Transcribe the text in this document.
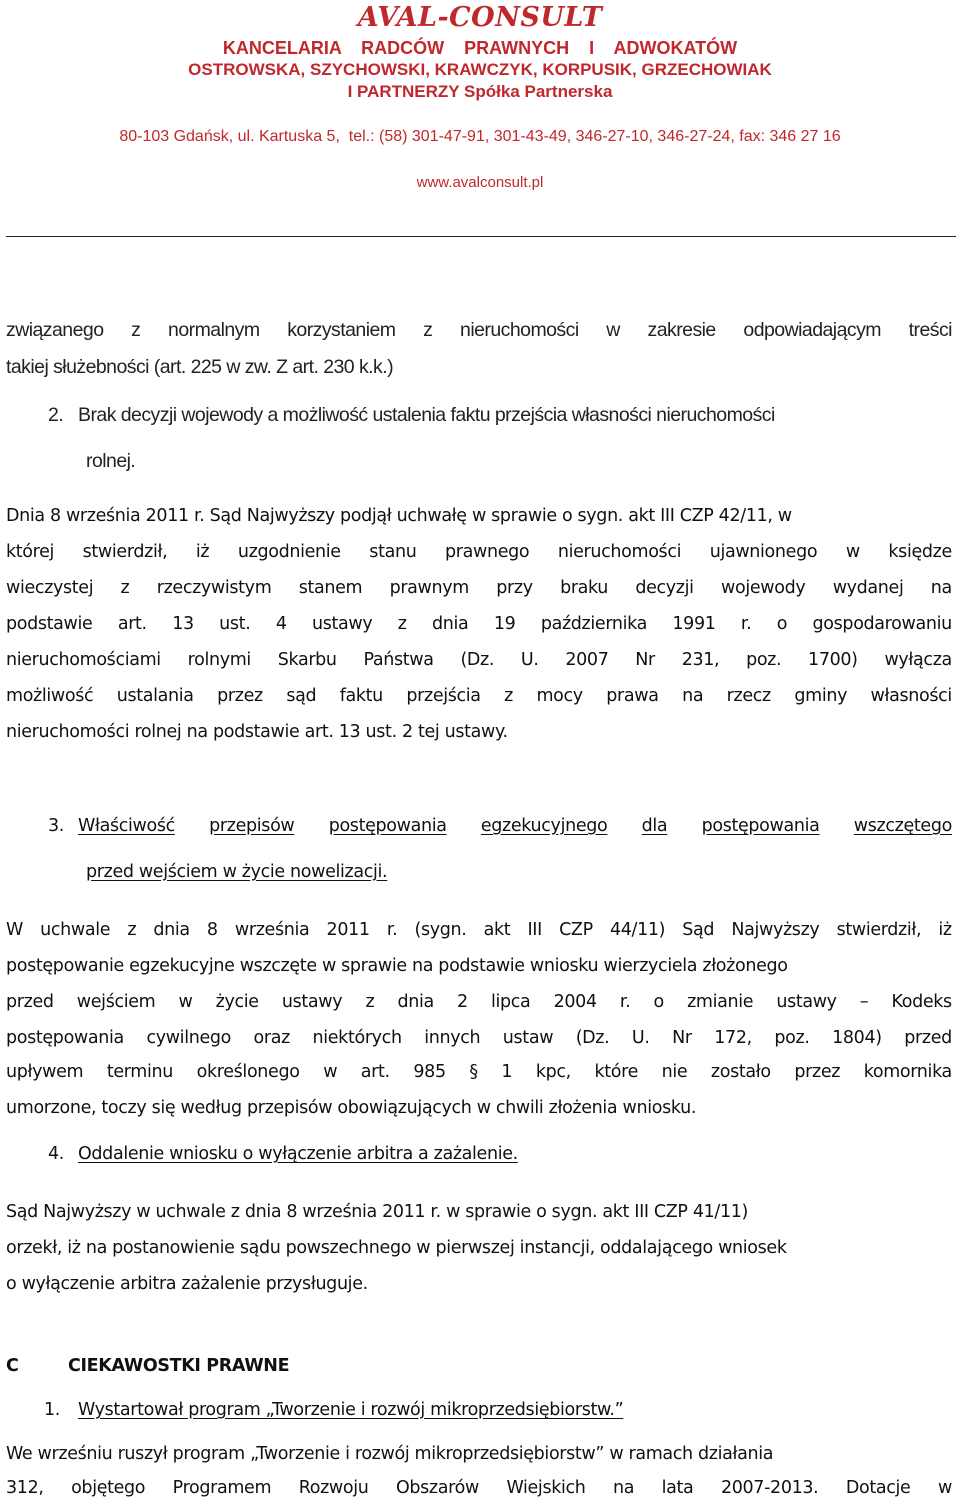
AVAL-CONSULT
KANCELARIA    RADCÓW    PRAWNYCH    I    ADWOKATÓW
OSTROWSKA, SZYCHOWSKI, KRAWCZYK, KORPUSIK, GRZECHOWIAK
I PARTNERZY Spółka Partnerska
80-103 Gdańsk, ul. Kartuska 5,  tel.: (58) 301-47-91, 301-43-49, 346-27-10, 346-27-24, fax: 346 27 16
www.avalconsult.pl
związanego z normalnym korzystaniem z nieruchomości w zakresie odpowiadającym treści
takiej służebności (art. 225 w zw. Z art. 230 k.k.)
2. Brak decyzji wojewody a możliwość ustalenia faktu przejścia własności nieruchomości
rolnej.
Dnia 8 września 2011 r. Sąd Najwyższy podjął uchwałę w sprawie o sygn. akt III CZP 42/11, w
której stwierdził, iż uzgodnienie stanu prawnego nieruchomości ujawnionego w księdze
wieczystej z rzeczywistym stanem prawnym przy braku decyzji wojewody wydanej na
podstawie art. 13 ust. 4 ustawy z dnia 19 października 1991 r. o gospodarowaniu
nieruchomościami rolnymi Skarbu Państwa (Dz. U. 2007 Nr 231, poz. 1700) wyłącza
możliwość ustalania przez sąd faktu przejścia z mocy prawa na rzecz gminy własności
nieruchomości rolnej na podstawie art. 13 ust. 2 tej ustawy.
3. Właściwość przepisów postępowania egzekucyjnego dla postępowania wszczętego
przed wejściem w życie nowelizacji.
W uchwale z dnia 8 września 2011 r. (sygn. akt III CZP 44/11) Sąd Najwyższy stwierdził, iż
postępowanie egzekucyjne wszczęte w sprawie na podstawie wniosku wierzyciela złożonego
przed wejściem w życie ustawy z dnia 2 lipca 2004 r. o zmianie ustawy – Kodeks
postępowania cywilnego oraz niektórych innych ustaw (Dz. U. Nr 172, poz. 1804) przed
upływem terminu określonego w art. 985 § 1 kpc, które nie zostało przez komornika
umorzone, toczy się według przepisów obowiązujących w chwili złożenia wniosku.
4. Oddalenie wniosku o wyłączenie arbitra a zażalenie.
Sąd Najwyższy w uchwale z dnia 8 września 2011 r. w sprawie o sygn. akt III CZP 41/11)
orzekł, iż na postanowienie sądu powszechnego w pierwszej instancji, oddalającego wniosek
o wyłączenie arbitra zażalenie przysługuje.
C	CIEKAWOSTKI PRAWNE
1. Wystartował program „Tworzenie i rozwój mikroprzedsiębiorstw.”
We wrześniu ruszył program „Tworzenie i rozwój mikroprzedsiębiorstw” w ramach działania
312, objętego Programem Rozwoju Obszarów Wiejskich na lata 2007-2013. Dotacje w
